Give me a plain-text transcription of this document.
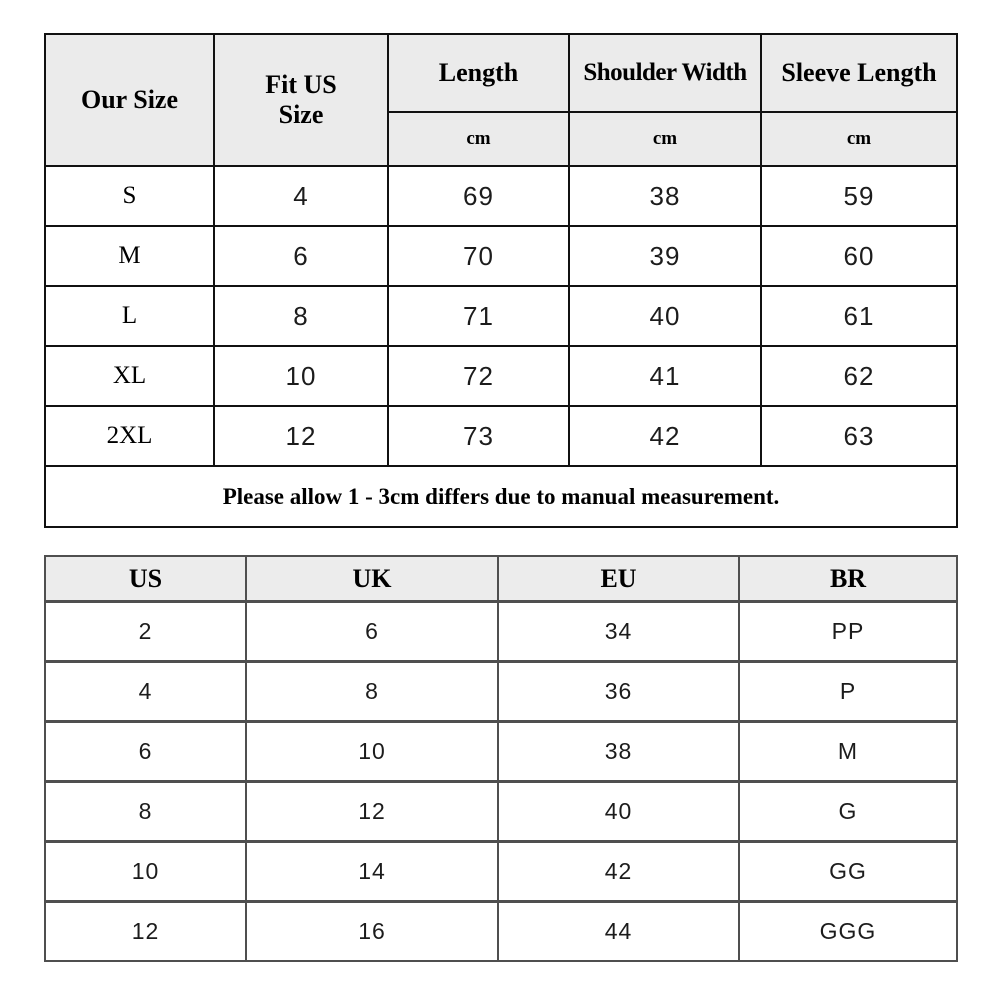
Our Size	Fit US Size	Length	Shoulder Width	Sleeve Length
		cm	cm	cm
S	4	69	38	59
M	6	70	39	60
L	8	71	40	61
XL	10	72	41	62
2XL	12	73	42	63
Please allow 1 - 3cm differs due to manual measurement.				
US	UK	EU	BR
2	6	34	PP
4	8	36	P
6	10	38	M
8	12	40	G
10	14	42	GG
12	16	44	GGG
